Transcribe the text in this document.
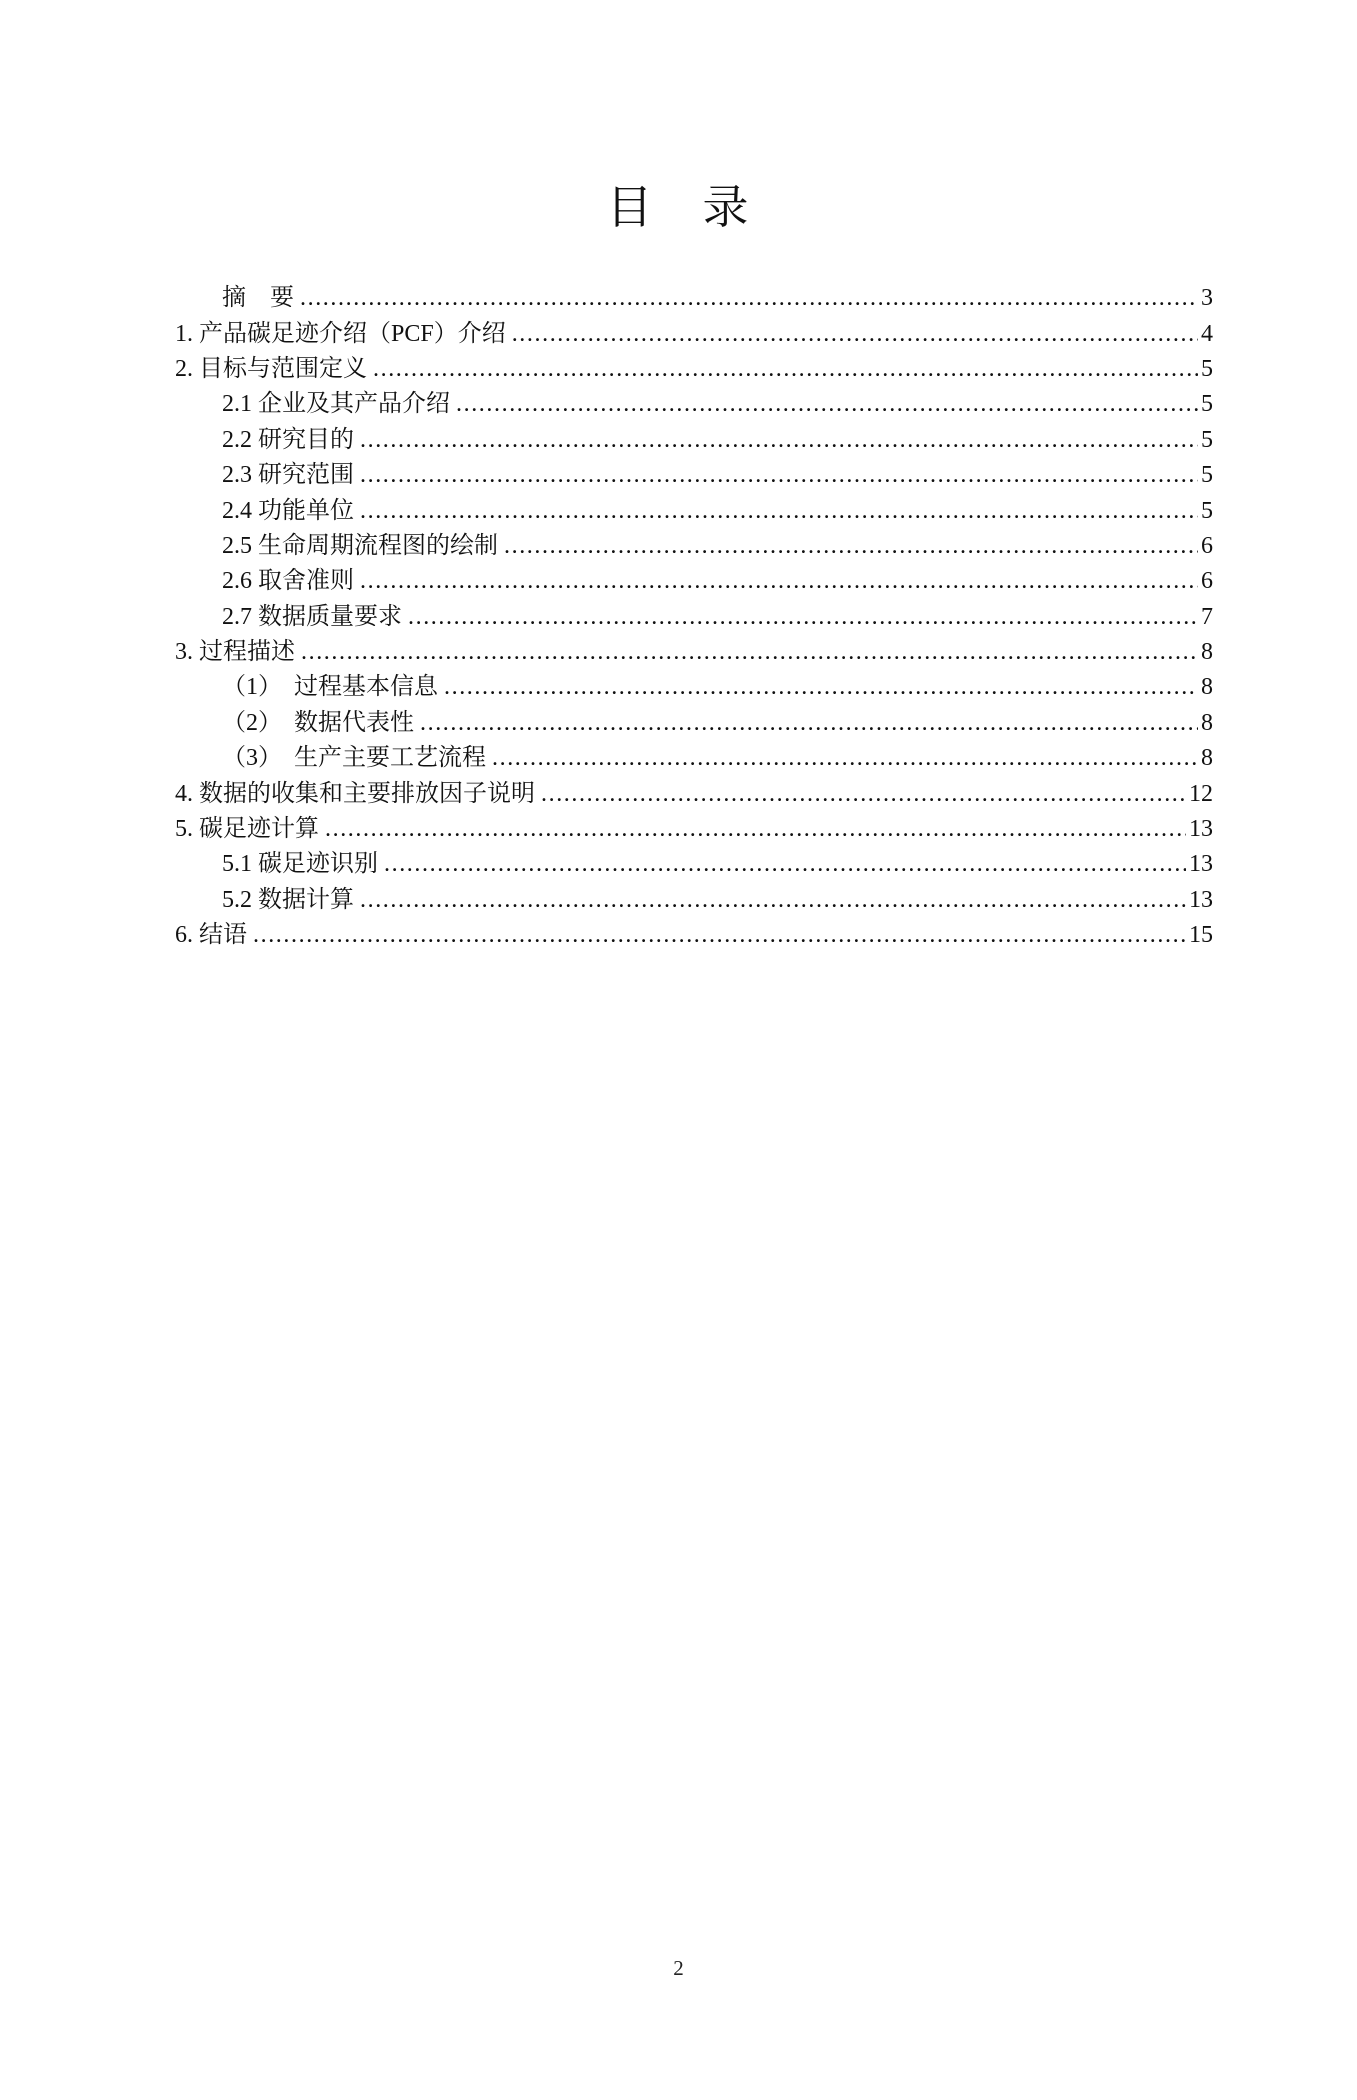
目　录
摘　要 .....	3
1. 产品碳足迹介绍（PCF）介绍 .....	4
2. 目标与范围定义 .....	5
2.1 企业及其产品介绍 .....	5
2.2 研究目的 .....	5
2.3 研究范围 .....	5
2.4 功能单位 .....	5
2.5 生命周期流程图的绘制 .....	6
2.6 取舍准则 .....	6
2.7 数据质量要求 .....	7
3. 过程描述 .....	8
（1）　过程基本信息 .....	8
（2）　数据代表性 .....	8
（3）　生产主要工艺流程 .....	8
4. 数据的收集和主要排放因子说明 .....	12
5. 碳足迹计算 .....	13
5.1 碳足迹识别 .....	13
5.2 数据计算 .....	13
6. 结语 .....	15
2
